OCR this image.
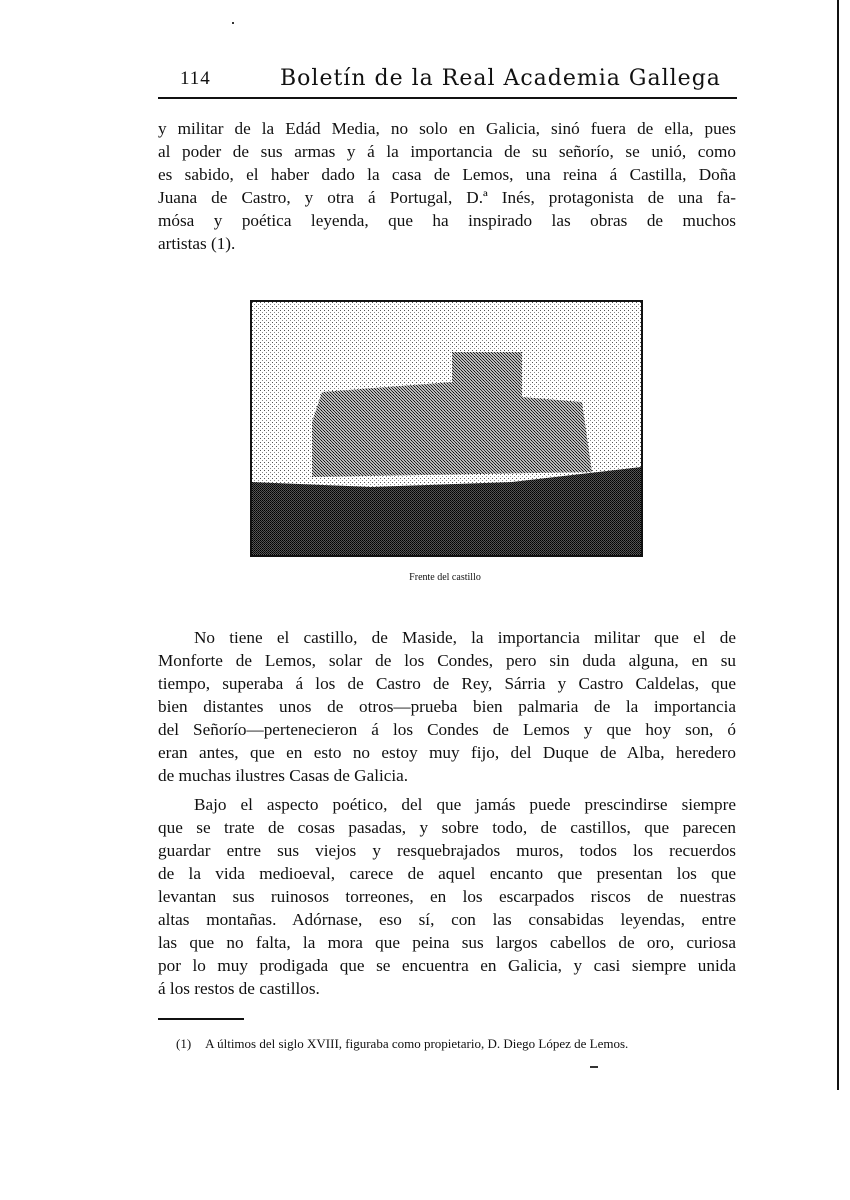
114	Boletín de la Real Academia Gallega
y militar de la Edád Media, no solo en Galicia, sinó fuera de ella, pues
al poder de sus armas y á la importancia de su señorío, se unió, como
es sabido, el haber dado la casa de Lemos, una reina á Castilla, Doña
Juana de Castro, y otra á Portugal, D.ª Inés, protagonista de una fa-
mósa y poética leyenda, que ha inspirado las obras de muchos
artistas (1).
Frente del castillo
No tiene el castillo, de Maside, la importancia militar que el de
Monforte de Lemos, solar de los Condes, pero sin duda alguna, en su
tiempo, superaba á los de Castro de Rey, Sárria y Castro Caldelas, que
bien distantes unos de otros—prueba bien palmaria de la importancia
del Señorío—pertenecieron á los Condes de Lemos y que hoy son, ó
eran antes, que en esto no estoy muy fijo, del Duque de Alba, heredero
de muchas ilustres Casas de Galicia.
Bajo el aspecto poético, del que jamás puede prescindirse siempre
que se trate de cosas pasadas, y sobre todo, de castillos, que parecen
guardar entre sus viejos y resquebrajados muros, todos los recuerdos
de la vida medioeval, carece de aquel encanto que presentan los que
levantan sus ruinosos torreones, en los escarpados riscos de nuestras
altas montañas. Adórnase, eso sí, con las consabidas leyendas, entre
las que no falta, la mora que peina sus largos cabellos de oro, curiosa
por lo muy prodigada que se encuentra en Galicia, y casi siempre unida
á los restos de castillos.
(1) A últimos del siglo XVIII, figuraba como propietario, D. Diego López de Lemos.
